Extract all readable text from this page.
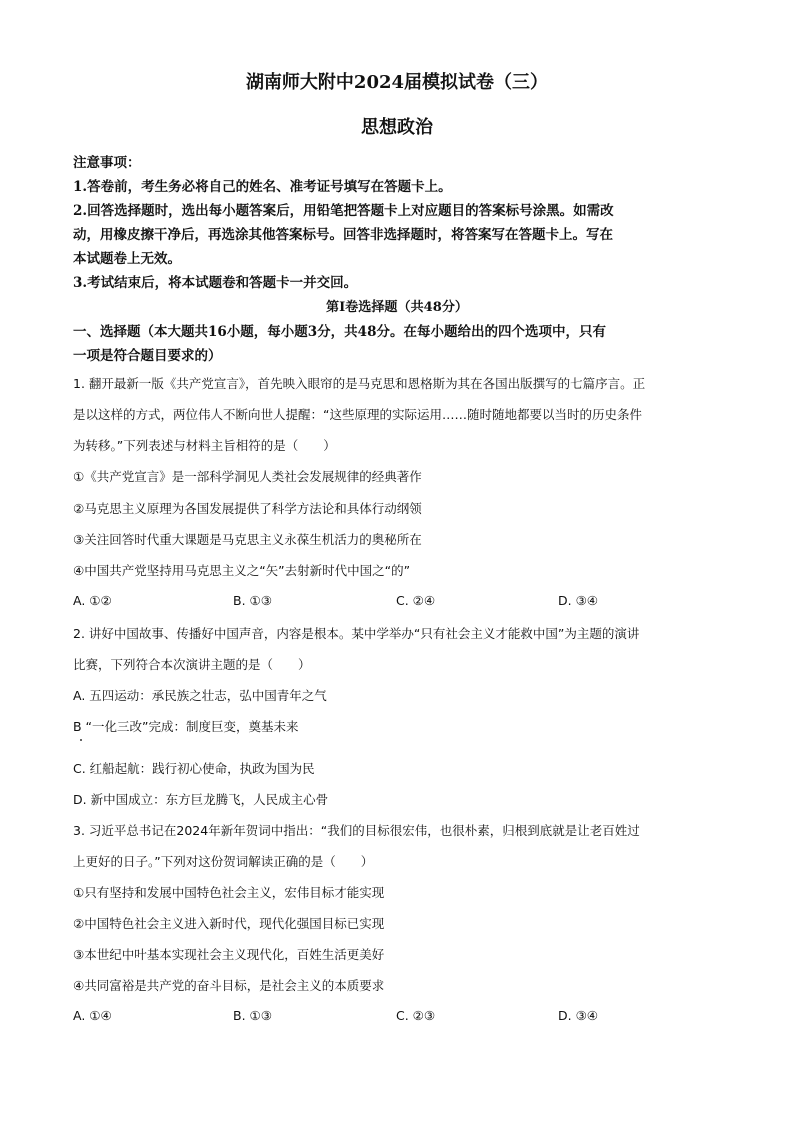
湖南师大附中2024届模拟试卷（三）
思想政治
注意事项：
1.答卷前，考生务必将自己的姓名、准考证号填写在答题卡上。
2.回答选择题时，选出每小题答案后，用铅笔把答题卡上对应题目的答案标号涂黑。如需改
动，用橡皮擦干净后，再选涂其他答案标号。回答非选择题时，将答案写在答题卡上。写在
本试题卷上无效。
3.考试结束后，将本试题卷和答题卡一并交回。
第Ⅰ卷选择题（共48分）
一、选择题（本大题共16小题，每小题3分，共48分。在每小题给出的四个选项中，只有
一项是符合题目要求的）
1. 翻开最新一版《共产党宣言》，首先映入眼帘的是马克思和恩格斯为其在各国出版撰写的七篇序言。正
是以这样的方式，两位伟人不断向世人提醒：“这些原理的实际运用……随时随地都要以当时的历史条件
为转移。”下列表述与材料主旨相符的是（　　）
①《共产党宣言》是一部科学洞见人类社会发展规律的经典著作
②马克思主义原理为各国发展提供了科学方法论和具体行动纲领
③关注回答时代重大课题是马克思主义永葆生机活力的奥秘所在
④中国共产党坚持用马克思主义之“矢”去射新时代中国之“的”
A. ①②	B. ①③	C. ②④	D. ③④
2. 讲好中国故事、传播好中国声音，内容是根本。某中学举办“只有社会主义才能救中国”为主题的演讲
比赛，下列符合本次演讲主题的是（　　）
A. 五四运动：承民族之壮志，弘中国青年之气
B “一化三改”完成：制度巨变，奠基未来
C. 红船起航：践行初心使命，执政为国为民
D. 新中国成立：东方巨龙腾飞，人民成主心骨
3. 习近平总书记在2024年新年贺词中指出：“我们的目标很宏伟，也很朴素，归根到底就是让老百姓过
上更好的日子。”下列对这份贺词解读正确的是（　　）
①只有坚持和发展中国特色社会主义，宏伟目标才能实现
②中国特色社会主义进入新时代，现代化强国目标已实现
③本世纪中叶基本实现社会主义现代化，百姓生活更美好
④共同富裕是共产党的奋斗目标，是社会主义的本质要求
A. ①④	B. ①③	C. ②③	D. ③④
